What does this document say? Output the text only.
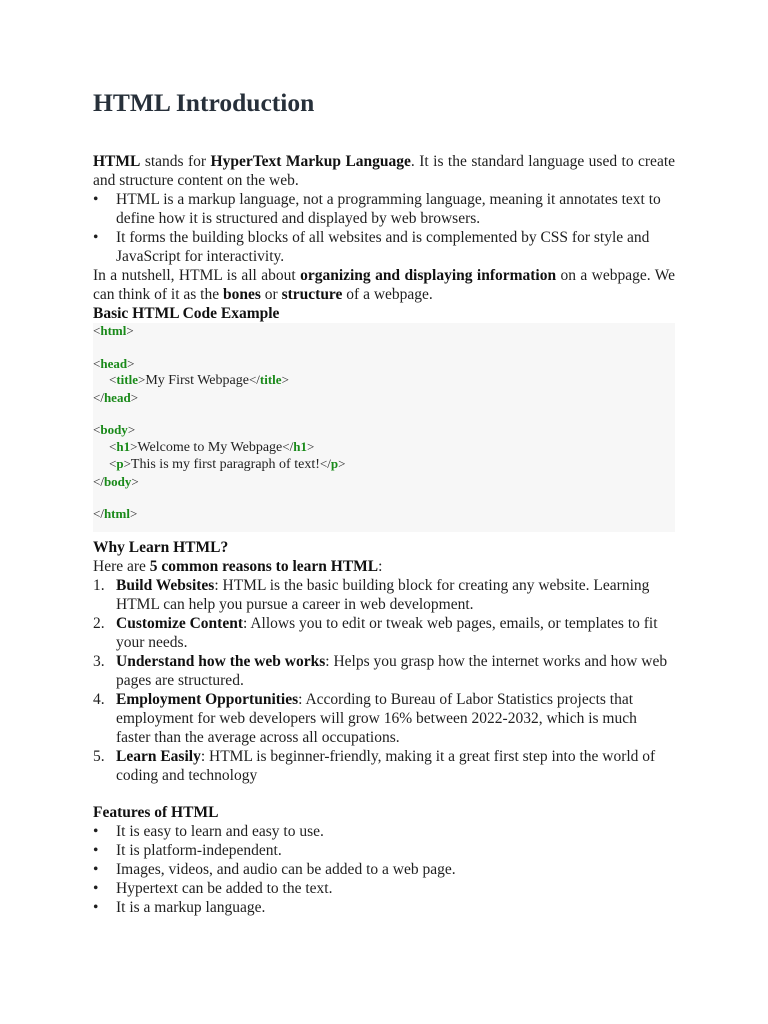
HTML Introduction

HTML stands for HyperText Markup Language. It is the standard language used to create and structure content on the web.

•	HTML is a markup language, not a programming language, meaning it annotates text to define how it is structured and displayed by web browsers.
•	It forms the building blocks of all websites and is complemented by CSS for style and JavaScript for interactivity.

In a nutshell, HTML is all about organizing and displaying information on a webpage. We can think of it as the bones or structure of a webpage.

Basic HTML Code Example
<html>
<head>
<title>My First Webpage</title>
</head>
<body>
<h1>Welcome to My Webpage</h1>
<p>This is my first paragraph of text!</p>
</body>
</html>
Why Learn HTML?

Here are 5 common reasons to learn HTML:

1. Build Websites: HTML is the basic building block for creating any website. Learning HTML can help you pursue a career in web development.
2. Customize Content: Allows you to edit or tweak web pages, emails, or templates to fit your needs.
3. Understand how the web works: Helps you grasp how the internet works and how web pages are structured.
4. Employment Opportunities: According to Bureau of Labor Statistics projects that employment for web developers will grow 16% between 2022-2032, which is much faster than the average across all occupations.
5. Learn Easily: HTML is beginner-friendly, making it a great first step into the world of coding and technology
Features of HTML
•	It is easy to learn and easy to use.
•	It is platform-independent.
•	Images, videos, and audio can be added to a web page.
•	Hypertext can be added to the text.
•	It is a markup language.
